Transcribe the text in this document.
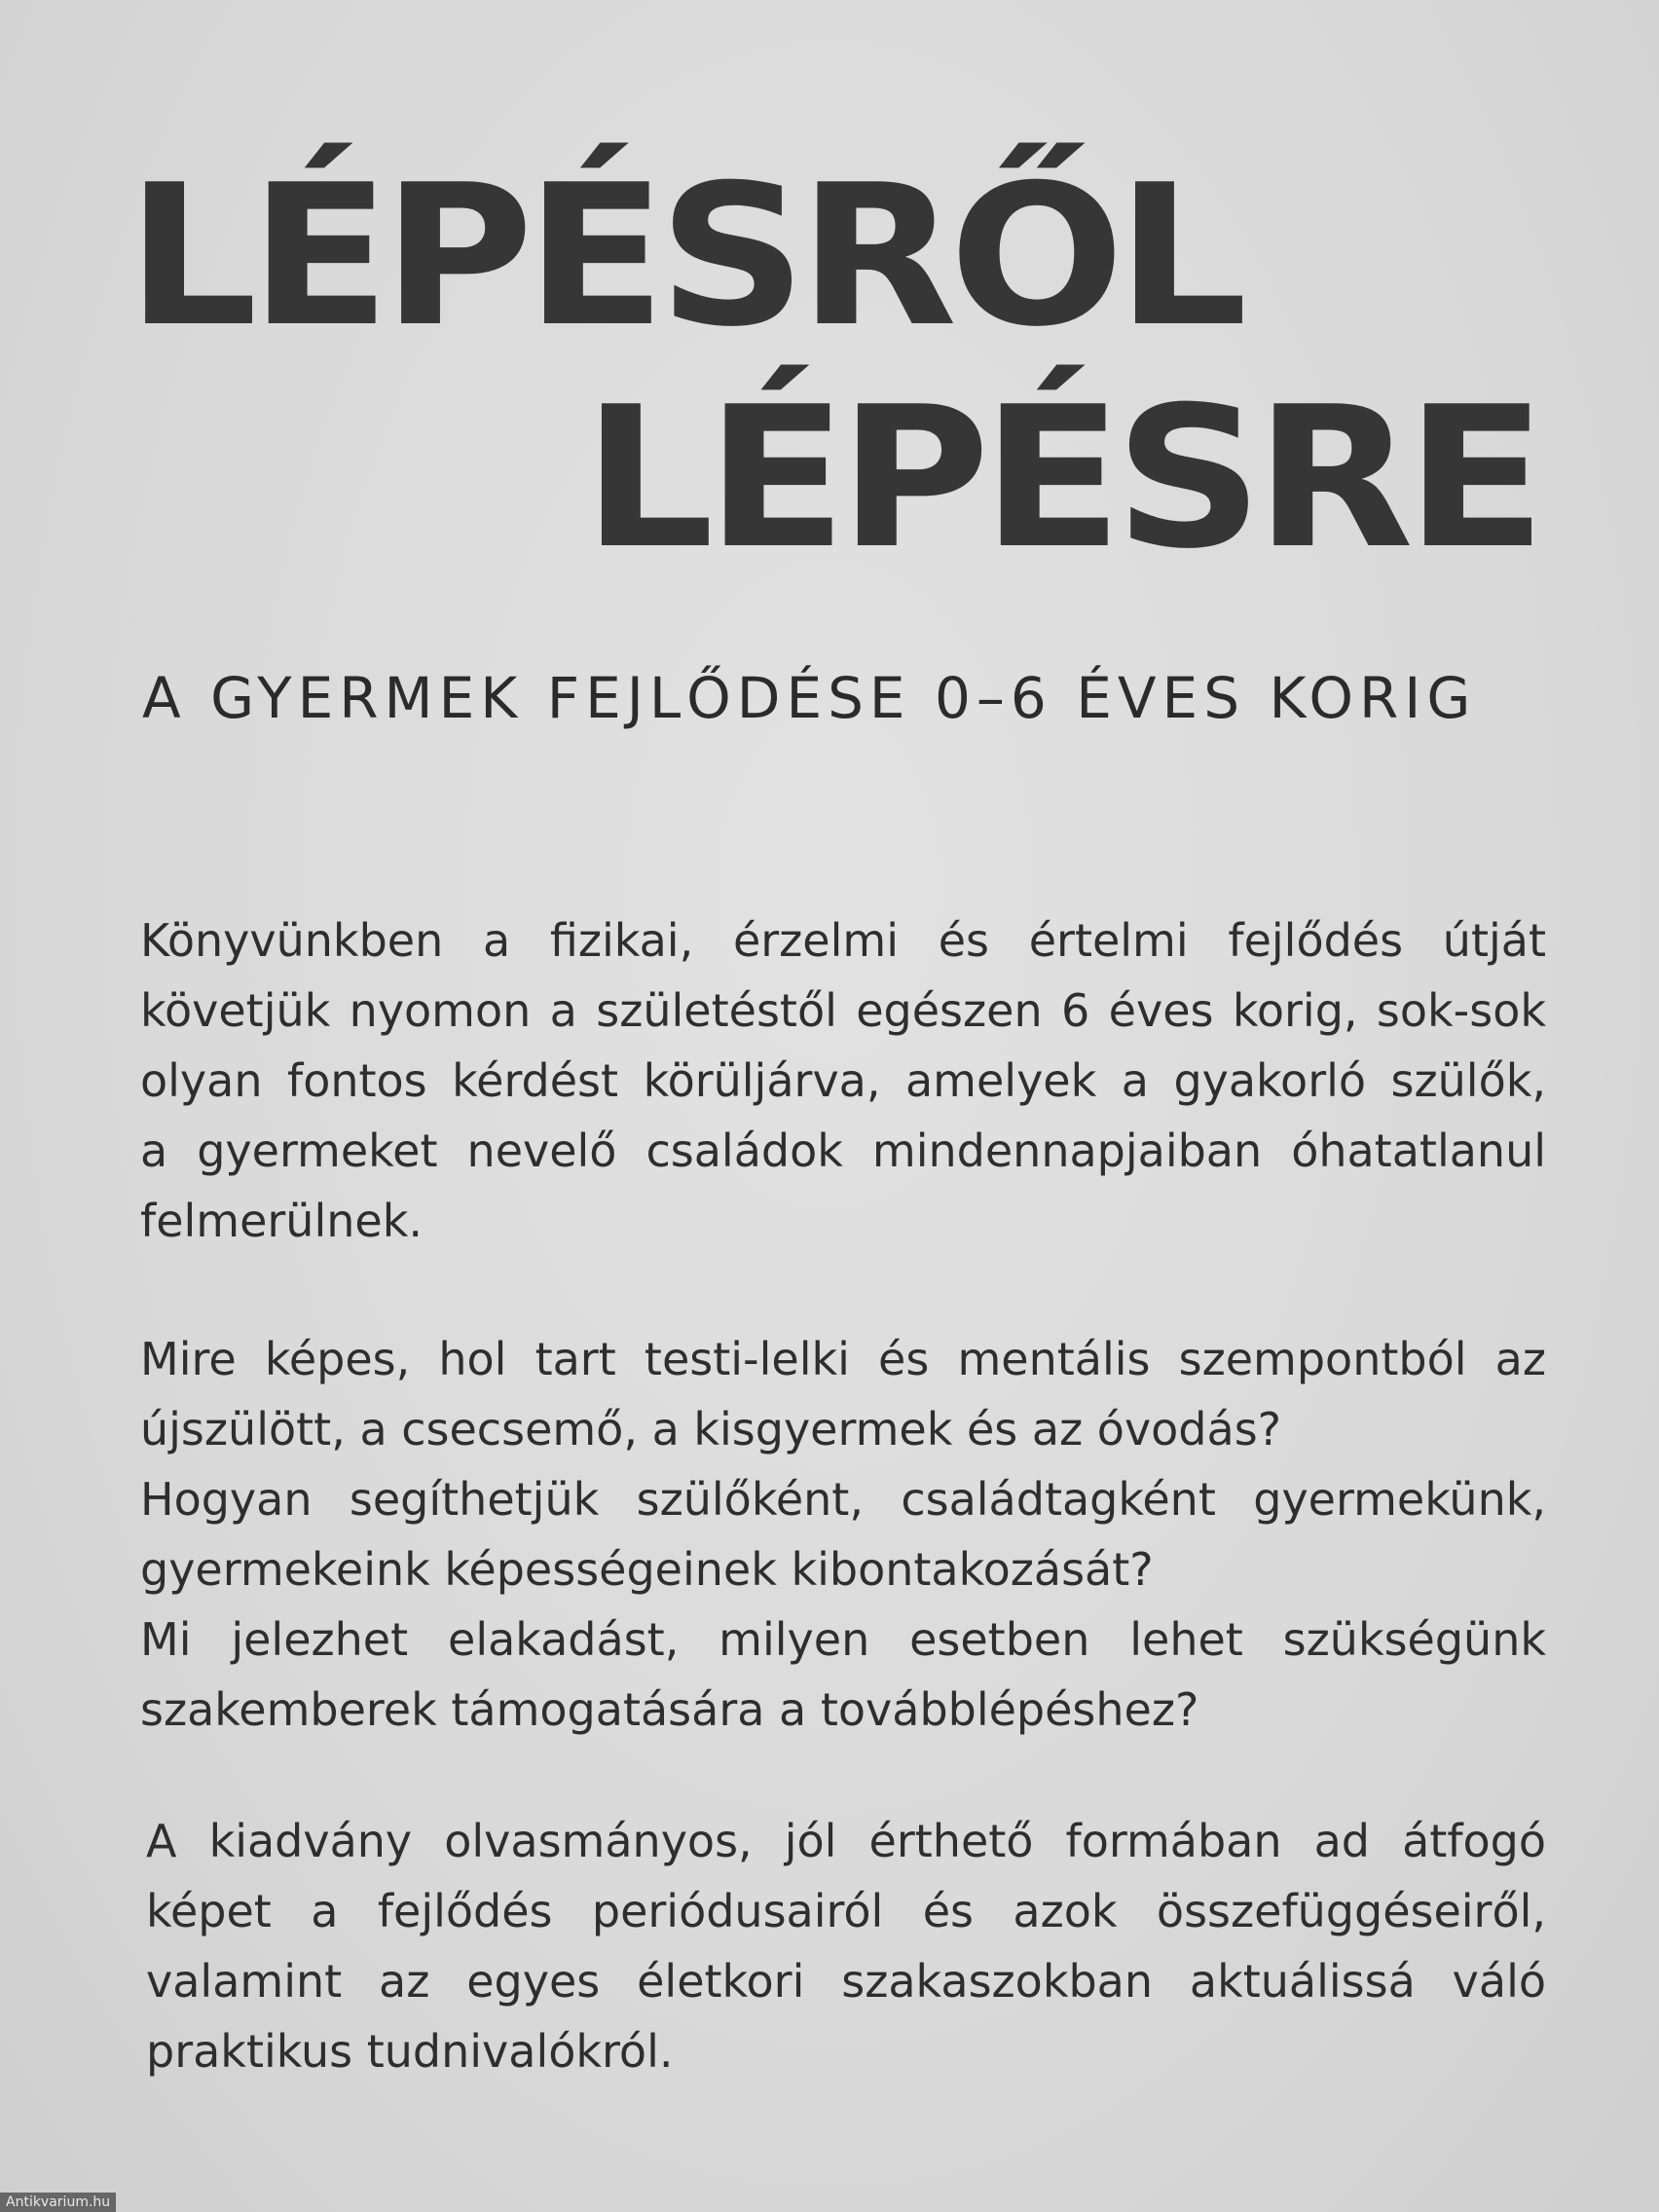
LÉPÉSRŐL
LÉPÉSRE
A GYERMEK FEJLŐDÉSE 0–6 ÉVES KORIG
Könyvünkben a fizikai, érzelmi és értelmi fejlődés útját
követjük nyomon a születéstől egészen 6 éves korig, sok-sok
olyan fontos kérdést körüljárva, amelyek a gyakorló szülők,
a gyermeket nevelő családok mindennapjaiban óhatatlanul
felmerülnek.
Mire képes, hol tart testi-lelki és mentális szempontból az
újszülött, a csecsemő, a kisgyermek és az óvodás?
Hogyan segíthetjük szülőként, családtagként gyermekünk,
gyermekeink képességeinek kibontakozását?
Mi jelezhet elakadást, milyen esetben lehet szükségünk
szakemberek támogatására a továbblépéshez?
A kiadvány olvasmányos, jól érthető formában ad átfogó
képet a fejlődés periódusairól és azok összefüggéseiről,
valamint az egyes életkori szakaszokban aktuálissá váló
praktikus tudnivalókról.
Antikvarium.hu
